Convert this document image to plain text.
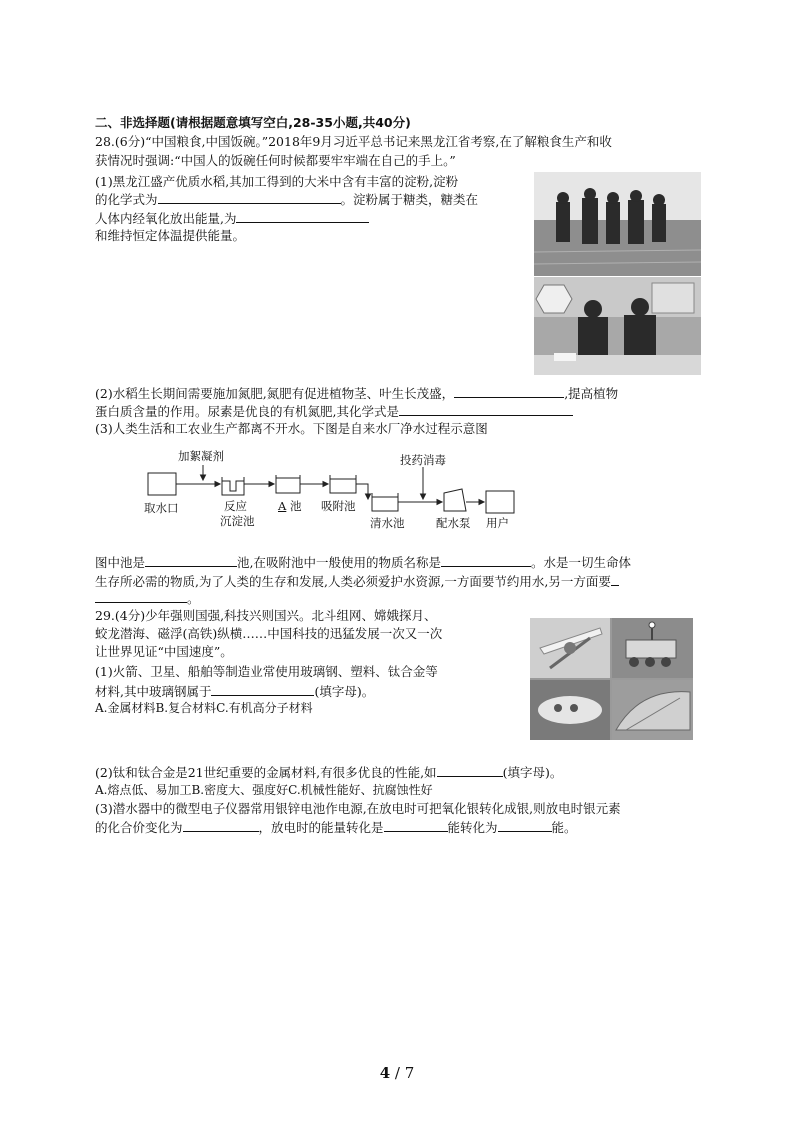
二、非选择题(请根据题意填写空白,28-35小题,共40分)
28.(6分)“中国粮食,中国饭碗。”2018年9月习近平总书记来黑龙江省考察,在了解粮食生产和收
获情况时强调:“中国人的饭碗任何时候都要牢牢端在自己的手上。”
(1)黑龙江盛产优质水稻,其加工得到的大米中含有丰富的淀粉,淀粉
的化学式为	。淀粉属于糖类，糖类在
人体内经氧化放出能量,为
和维持恒定体温提供能量。
(2)水稻生长期间需要施加氮肥,氮肥有促进植物茎、叶生长茂盛，	,提高植物
蛋白质含量的作用。尿素是优良的有机氮肥,其化学式是
(3)人类生活和工农业生产都离不开水。下图是自来水厂净水过程示意图
加絮凝剂	投药消毒
取水口	反应
沉淀池
A 池 吸附池
清水池	配水泵 用户
图中池是	池,在吸附池中一般使用的物质名称是	。水是一切生命体
生存所必需的物质,为了人类的生存和发展,人类必须爱护水资源,一方面要节约用水,另一方面要
。
29.(4分)少年强则国强,科技兴则国兴。北斗组网、嫦娥探月、
蛟龙潜海、磁浮(高铁)纵横……中国科技的迅猛发展一次又一次
让世界见证“中国速度”。
(1)火箭、卫星、船舶等制造业常使用玻璃钢、塑料、钛合金等
材料,其中玻璃钢属于	(填字母)。
A.金属材料B.复合材料C.有机高分子材料
(2)钛和钛合金是21世纪重要的金属材料,有很多优良的性能,如	(填字母)。
A.熔点低、易加工B.密度大、强度好C.机械性能好、抗腐蚀性好
(3)潜水器中的微型电子仪器常用银锌电池作电源,在放电时可把氧化银转化成银,则放电时银元素
的化合价变化为	，放电时的能量转化是	能转化为	能。
4 / 7
